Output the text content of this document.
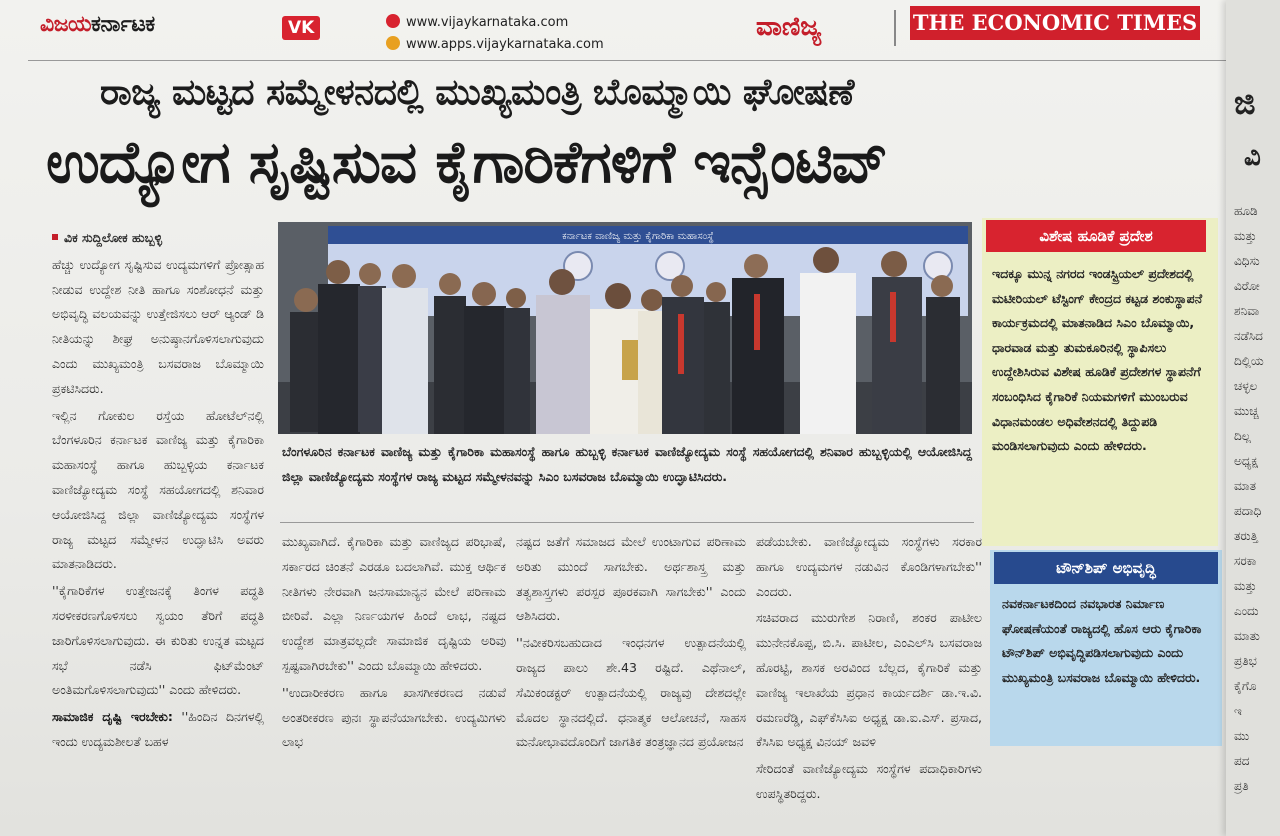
ವಿಜಯಕರ್ನಾಟಕ	VK	www.vijaykarnataka.com
www.apps.vijaykarnataka.com
ವಾಣಿಜ್ಯ	THE ECONOMIC TIMES
ರಾಜ್ಯ ಮಟ್ಟದ ಸಮ್ಮೇಳನದಲ್ಲಿ ಮುಖ್ಯಮಂತ್ರಿ ಬೊಮ್ಮಾಯಿ ಘೋಷಣೆ
ಉದ್ಯೋಗ ಸೃಷ್ಟಿಸುವ ಕೈಗಾರಿಕೆಗಳಿಗೆ ಇನ್ಸೆಂಟಿವ್

ವಿಕ ಸುದ್ದಿಲೋಕ ಹುಬ್ಬಳ್ಳಿ

ಹೆಚ್ಚು ಉದ್ಯೋಗ ಸೃಷ್ಟಿಸುವ ಉದ್ಯಮಗಳಿಗೆ ಪ್ರೋತ್ಸಾಹ ನೀಡುವ ಉದ್ದೇಶ ನೀತಿ ಹಾಗೂ ಸಂಶೋಧನೆ ಮತ್ತು ಅಭಿವೃದ್ಧಿ ವಲಯವನ್ನು ಉತ್ತೇಜಿಸಲು ಆರ್ ಆ್ಯಂಡ್ ಡಿ ನೀತಿಯನ್ನು ಶೀಘ್ರ ಅನುಷ್ಠಾನಗೊಳಿಸಲಾಗುವುದು ಎಂದು ಮುಖ್ಯಮಂತ್ರಿ ಬಸವರಾಜ ಬೊಮ್ಮಾಯಿ ಪ್ರಕಟಿಸಿದರು.

ಇಲ್ಲಿನ ಗೋಕುಲ ರಸ್ತೆಯ ಹೋಟೆಲ್‌ನಲ್ಲಿ ಬೆಂಗಳೂರಿನ ಕರ್ನಾಟಕ ವಾಣಿಜ್ಯ ಮತ್ತು ಕೈಗಾರಿಕಾ ಮಹಾಸಂಸ್ಥೆ ಹಾಗೂ ಹುಬ್ಬಳ್ಳಿಯ ಕರ್ನಾಟಕ ವಾಣಿಜ್ಯೋದ್ಯಮ ಸಂಸ್ಥೆ ಸಹಯೋಗದಲ್ಲಿ ಶನಿವಾರ ಆಯೋಜಿಸಿದ್ದ ಜಿಲ್ಲಾ ವಾಣಿಜ್ಯೋದ್ಯಮ ಸಂಸ್ಥೆಗಳ ರಾಜ್ಯ ಮಟ್ಟದ ಸಮ್ಮೇಳನ ಉದ್ಘಾಟಿಸಿ ಅವರು ಮಾತನಾಡಿದರು.

''ಕೈಗಾರಿಕೆಗಳ ಉತ್ತೇಜನಕ್ಕೆ ತಿಂಗಳ ಪದ್ಧತಿ ಸರಳೀಕರಣಗೊಳಿಸಲು ಸ್ವಯಂ ತೆರಿಗೆ ಪದ್ಧತಿ ಜಾರಿಗೊಳಿಸಲಾಗುವುದು. ಈ ಕುರಿತು ಉನ್ನತ ಮಟ್ಟದ ಸಭೆ ನಡೆಸಿ ಫಿಟ್‌ಮೆಂಟ್ ಅಂತಿಮಗೊಳಿಸಲಾಗುವುದು'' ಎಂದು ಹೇಳಿದರು.

ಸಾಮಾಜಿಕ ದೃಷ್ಟಿ ಇರಬೇಕು: ''ಹಿಂದಿನ ದಿನಗಳಲ್ಲಿ ಇಂದು ಉದ್ಯಮಶೀಲತೆ ಬಹಳ

ಕರ್ನಾಟಕ ವಾಣಿಜ್ಯ ಮತ್ತು ಕೈಗಾರಿಕಾ ಮಹಾಸಂಸ್ಥೆ
ಬೆಂಗಳೂರಿನ ಕರ್ನಾಟಕ ವಾಣಿಜ್ಯ ಮತ್ತು ಕೈಗಾರಿಕಾ ಮಹಾಸಂಸ್ಥೆ ಹಾಗೂ ಹುಬ್ಬಳ್ಳಿ ಕರ್ನಾಟಕ ವಾಣಿಜ್ಯೋದ್ಯಮ ಸಂಸ್ಥೆ ಸಹಯೋಗದಲ್ಲಿ ಶನಿವಾರ ಹುಬ್ಬಳ್ಳಿಯಲ್ಲಿ ಆಯೋಜಿಸಿದ್ದ ಜಿಲ್ಲಾ ವಾಣಿಜ್ಯೋದ್ಯಮ ಸಂಸ್ಥೆಗಳ ರಾಜ್ಯ ಮಟ್ಟದ ಸಮ್ಮೇಳನವನ್ನು ಸಿಎಂ ಬಸವರಾಜ ಬೊಮ್ಮಾಯಿ ಉದ್ಘಾಟಿಸಿದರು.

ಮುಖ್ಯವಾಗಿದೆ. ಕೈಗಾರಿಕಾ ಮತ್ತು ವಾಣಿಜ್ಯದ ಪರಿಭಾಷೆ, ಸರ್ಕಾರದ ಚಿಂತನೆ ಎರಡೂ ಬದಲಾಗಿವೆ. ಮುಕ್ತ ಆರ್ಥಿಕ ನೀತಿಗಳು ನೇರವಾಗಿ ಜನಸಾಮಾನ್ಯನ ಮೇಲೆ ಪರಿಣಾಮ ಬೀರಿವೆ. ಎಲ್ಲಾ ನಿರ್ಣಯಗಳ ಹಿಂದೆ ಲಾಭ, ನಷ್ಟದ ಉದ್ದೇಶ ಮಾತ್ರವಲ್ಲದೇ ಸಾಮಾಜಿಕ ದೃಷ್ಟಿಯ ಅರಿವು ಸ್ಪಷ್ಟವಾಗಿರಬೇಕು'' ಎಂದು ಬೊಮ್ಮಾಯಿ ಹೇಳಿದರು.

''ಉದಾರೀಕರಣ ಹಾಗೂ ಖಾಸಗೀಕರಣದ ನಡುವೆ ಅಂತರೀಕರಣ ಪುನಃ ಸ್ಥಾಪನೆಯಾಗಬೇಕು. ಉದ್ಯಮಿಗಳು ಲಾಭ

ನಷ್ಟದ ಜತೆಗೆ ಸಮಾಜದ ಮೇಲೆ ಉಂಟಾಗುವ ಪರಿಣಾಮ ಅರಿತು ಮುಂದೆ ಸಾಗಬೇಕು. ಅರ್ಥಶಾಸ್ತ್ರ ಮತ್ತು ತತ್ವಶಾಸ್ತ್ರಗಳು ಪರಸ್ಪರ ಪೂರಕವಾಗಿ ಸಾಗಬೇಕು'' ಎಂದು ಆಶಿಸಿದರು.

''ನವೀಕರಿಸಬಹುದಾದ ಇಂಧನಗಳ ಉತ್ಪಾದನೆಯಲ್ಲಿ ರಾಜ್ಯದ ಪಾಲು ಶೇ.43 ರಷ್ಟಿದೆ. ಎಥೆನಾಲ್, ಸೆಮಿಕಂಡಕ್ಟರ್ ಉತ್ಪಾದನೆಯಲ್ಲಿ ರಾಜ್ಯವು ದೇಶದಲ್ಲೇ ಮೊದಲ ಸ್ಥಾನದಲ್ಲಿದೆ. ಧನಾತ್ಮಕ ಆಲೋಚನೆ, ಸಾಹಸ ಮನೋಭಾವದೊಂದಿಗೆ ಜಾಗತಿಕ ತಂತ್ರಜ್ಞಾನದ ಪ್ರಯೋಜನ

ಪಡೆಯಬೇಕು. ವಾಣಿಜ್ಯೋದ್ಯಮ ಸಂಸ್ಥೆಗಳು ಸರಕಾರ ಹಾಗೂ ಉದ್ಯಮಗಳ ನಡುವಿನ ಕೊಂಡಿಗಳಾಗಬೇಕು'' ಎಂದರು.

ಸಚಿವರಾದ ಮುರುಗೇಶ ನಿರಾಣಿ, ಶಂಕರ ಪಾಟೀಲ ಮುನೇನಕೊಪ್ಪ, ಬಿ.ಸಿ. ಪಾಟೀಲ, ಎಂಎಲ್‌ಸಿ ಬಸವರಾಜ ಹೊರಟ್ಟಿ, ಶಾಸಕ ಅರವಿಂದ ಬೆಲ್ಲದ, ಕೈಗಾರಿಕೆ ಮತ್ತು ವಾಣಿಜ್ಯ ಇಲಾಖೆಯ ಪ್ರಧಾನ ಕಾರ್ಯದರ್ಶಿ ಡಾ.ಇ.ವಿ. ರಮಣರೆಡ್ಡಿ, ಎಫ್‌ಕೆಸಿಸಿಐ ಅಧ್ಯಕ್ಷ ಡಾ.ಐ.ಎಸ್. ಪ್ರಸಾದ, ಕೆಸಿಸಿಐ ಅಧ್ಯಕ್ಷ ವಿನಯ್ ಜವಳಿ

ಸೇರಿದಂತೆ ವಾಣಿಜ್ಯೋದ್ಯಮ ಸಂಸ್ಥೆಗಳ ಪದಾಧಿಕಾರಿಗಳು ಉಪಸ್ಥಿತರಿದ್ದರು.

ವಿಶೇಷ ಹೂಡಿಕೆ ಪ್ರದೇಶ
ಇದಕ್ಕೂ ಮುನ್ನ ನಗರದ ಇಂಡಸ್ಟ್ರಿಯಲ್ ಪ್ರದೇಶದಲ್ಲಿ ಮಟೀರಿಯಲ್ ಟೆಸ್ಟಿಂಗ್ ಕೇಂದ್ರದ ಕಟ್ಟಡ ಶಂಕುಸ್ಥಾಪನೆ ಕಾರ್ಯಕ್ರಮದಲ್ಲಿ ಮಾತನಾಡಿದ ಸಿಎಂ ಬೊಮ್ಮಾಯಿ, ಧಾರವಾಡ ಮತ್ತು ತುಮಕೂರಿನಲ್ಲಿ ಸ್ಥಾಪಿಸಲು ಉದ್ದೇಶಿಸಿರುವ ವಿಶೇಷ ಹೂಡಿಕೆ ಪ್ರದೇಶಗಳ ಸ್ಥಾಪನೆಗೆ ಸಂಬಂಧಿಸಿದ ಕೈಗಾರಿಕೆ ನಿಯಮಗಳಿಗೆ ಮುಂಬರುವ ವಿಧಾನಮಂಡಲ ಅಧಿವೇಶನದಲ್ಲಿ ತಿದ್ದುಪಡಿ ಮಂಡಿಸಲಾಗುವುದು ಎಂದು ಹೇಳಿದರು.
ಟೌನ್‌ಶಿಪ್ ಅಭಿವೃದ್ಧಿ
ನವಕರ್ನಾಟಕದಿಂದ ನವಭಾರತ ನಿರ್ಮಾಣ ಘೋಷಣೆಯಂತೆ ರಾಜ್ಯದಲ್ಲಿ ಹೊಸ ಆರು ಕೈಗಾರಿಕಾ ಟೌನ್‌ಶಿಪ್ ಅಭಿವೃದ್ಧಿಪಡಿಸಲಾಗುವುದು ಎಂದು ಮುಖ್ಯಮಂತ್ರಿ ಬಸವರಾಜ ಬೊಮ್ಮಾಯಿ ಹೇಳಿದರು.
ಜಿ
ವಿ
ಹೂಡಿ
ಮತ್ತು
ವಿಧಿಸು
ವಿರೋ
ಶನಿವಾ
ನಡೆಸಿದ
ದಿಲ್ಲಿಯ
ಚಳ್ಳಲ
ಮುಚ್ಚ
ದಿಲ್ಲ
ಅಧ್ಯಕ್ಷ
ಮಾತ
ಪದಾಧಿ
ತರುತ್ತಿ
ಸರಕಾ
ಮತ್ತು
ಎಂದು
ಮಾತು
ಪ್ರತಿಭ
ಕೈಗೊ
ಇ
ಮು
ಪದ
ಪ್ರತಿ
